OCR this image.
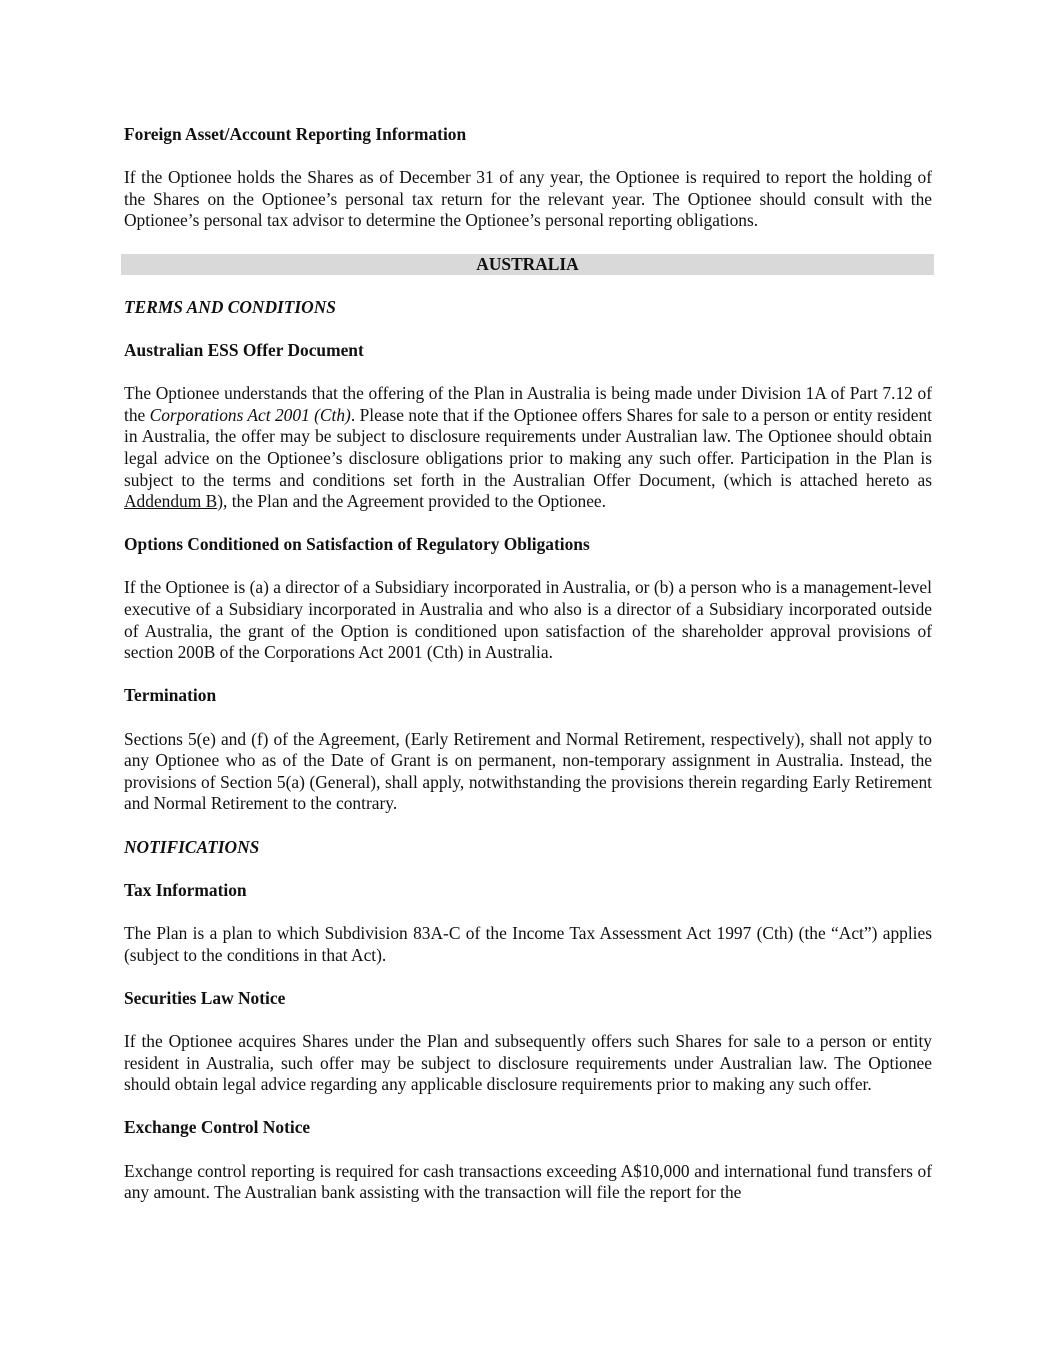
Foreign Asset/Account Reporting Information

If the Optionee holds the Shares as of December 31 of any year, the Optionee is required to report the holding of the Shares on the Optionee’s personal tax return for the relevant year. The Optionee should consult with the Optionee’s personal tax advisor to determine the Optionee’s personal reporting obligations.

AUSTRALIA
TERMS AND CONDITIONS
Australian ESS Offer Document

The Optionee understands that the offering of the Plan in Australia is being made under Division 1A of Part 7.12 of the Corporations Act 2001 (Cth). Please note that if the Optionee offers Shares for sale to a person or entity resident in Australia, the offer may be subject to disclosure requirements under Australian law. The Optionee should obtain legal advice on the Optionee’s disclosure obligations prior to making any such offer. Participation in the Plan is subject to the terms and conditions set forth in the Australian Offer Document, (which is attached hereto as Addendum B), the Plan and the Agreement provided to the Optionee.

Options Conditioned on Satisfaction of Regulatory Obligations

If the Optionee is (a) a director of a Subsidiary incorporated in Australia, or (b) a person who is a management-level executive of a Subsidiary incorporated in Australia and who also is a director of a Subsidiary incorporated outside of Australia, the grant of the Option is conditioned upon satisfaction of the shareholder approval provisions of section 200B of the Corporations Act 2001 (Cth) in Australia.

Termination

Sections 5(e) and (f) of the Agreement, (Early Retirement and Normal Retirement, respectively), shall not apply to any Optionee who as of the Date of Grant is on permanent, non-temporary assignment in Australia. Instead, the provisions of Section 5(a) (General), shall apply, notwithstanding the provisions therein regarding Early Retirement and Normal Retirement to the contrary.

NOTIFICATIONS
Tax Information

The Plan is a plan to which Subdivision 83A-C of the Income Tax Assessment Act 1997 (Cth) (the “Act”) applies (subject to the conditions in that Act).

Securities Law Notice

If the Optionee acquires Shares under the Plan and subsequently offers such Shares for sale to a person or entity resident in Australia, such offer may be subject to disclosure requirements under Australian law. The Optionee should obtain legal advice regarding any applicable disclosure requirements prior to making any such offer.

Exchange Control Notice

Exchange control reporting is required for cash transactions exceeding A$10,000 and international fund transfers of any amount. The Australian bank assisting with the transaction will file the report for the
